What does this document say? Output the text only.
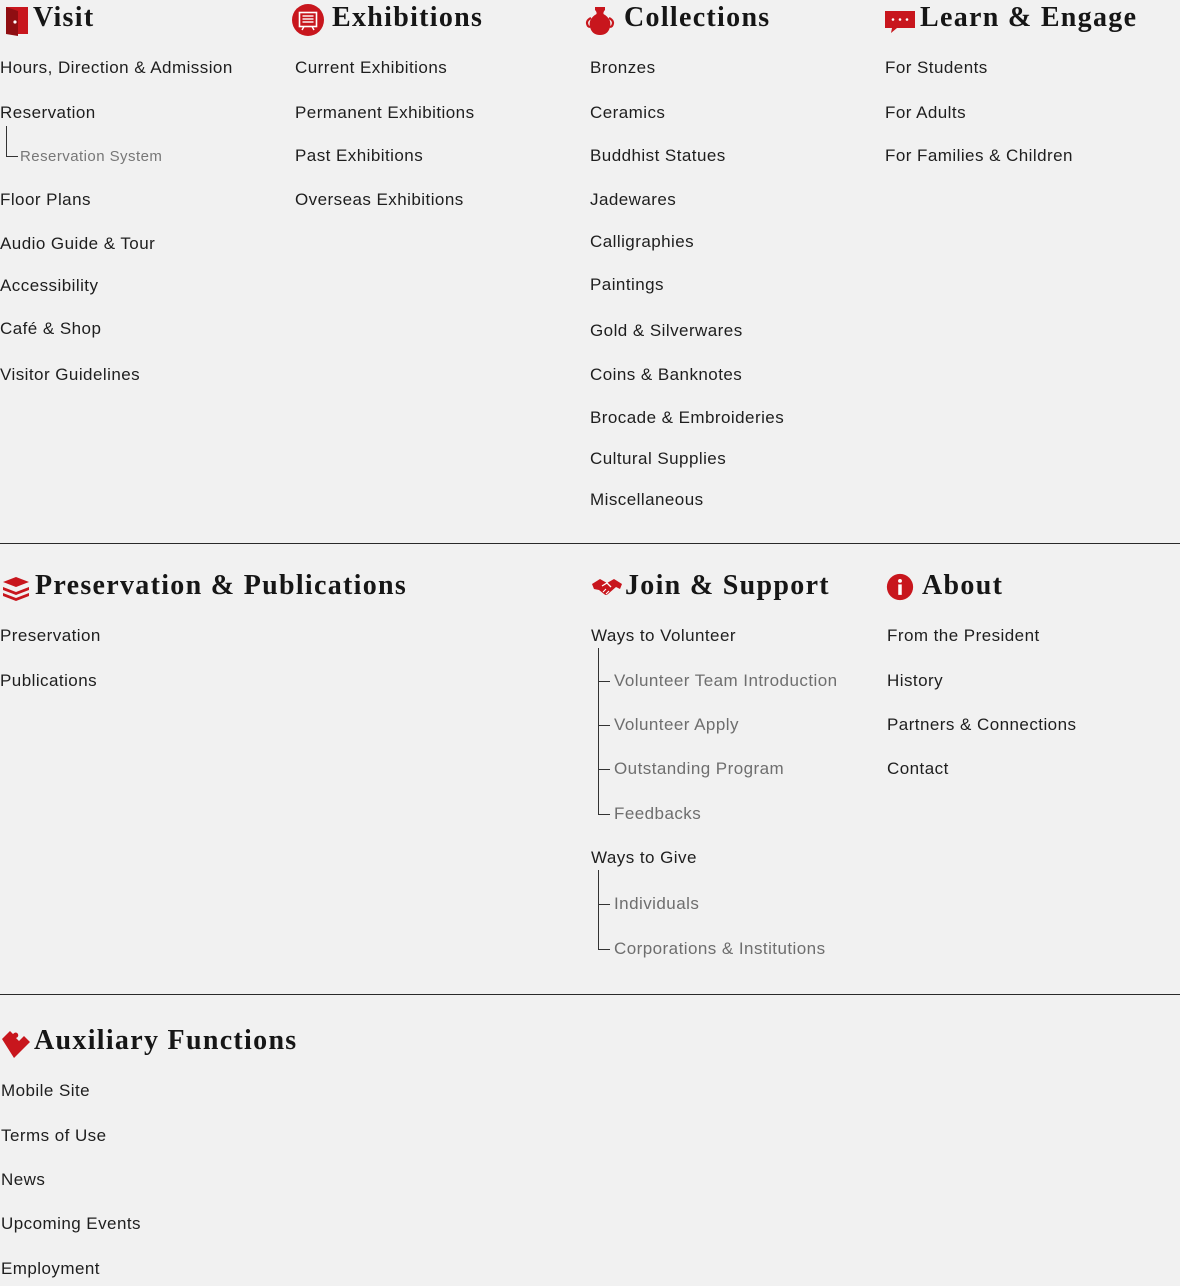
Visit
Hours, Direction & Admission
Reservation
Reservation System
Floor Plans
Audio Guide & Tour
Accessibility
Café & Shop
Visitor Guidelines
Exhibitions
Current Exhibitions
Permanent Exhibitions
Past Exhibitions
Overseas Exhibitions
Collections
Bronzes
Ceramics
Buddhist Statues
Jadewares
Calligraphies
Paintings
Gold & Silverwares
Coins & Banknotes
Brocade & Embroideries
Cultural Supplies
Miscellaneous
Learn & Engage
For Students
For Adults
For Families & Children
Preservation & Publications
Preservation
Publications
Join & Support
Ways to Volunteer
Volunteer Team Introduction
Volunteer Apply
Outstanding Program
Feedbacks
Ways to Give
Individuals
Corporations & Institutions
About
From the President
History
Partners & Connections
Contact
Auxiliary Functions
Mobile Site
Terms of Use
News
Upcoming Events
Employment
